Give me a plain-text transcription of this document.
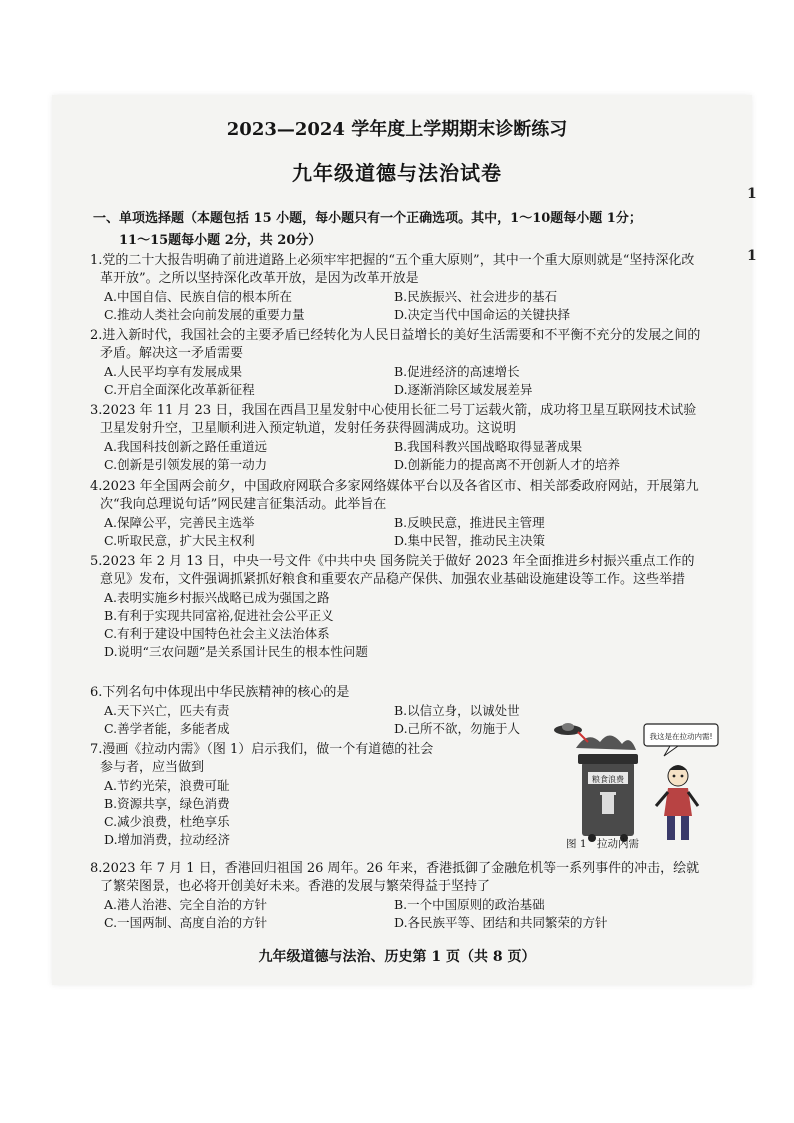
1
1
2023—2024 学年度上学期期末诊断练习
九年级道德与法治试卷
一、单项选择题（本题包括 15 小题，每小题只有一个正确选项。其中，1～10题每小题 1分；
11～15题每小题 2分，共 20分）
1.党的二十大报告明确了前进道路上必须牢牢把握的“五个重大原则”，其中一个重大原则就是“坚持深化改革开放”。之所以坚持深化改革开放，是因为改革开放是
A.中国自信、民族自信的根本所在	B.民族振兴、社会进步的基石
C.推动人类社会向前发展的重要力量	D.决定当代中国命运的关键抉择
2.进入新时代，我国社会的主要矛盾已经转化为人民日益增长的美好生活需要和不平衡不充分的发展之间的矛盾。解决这一矛盾需要
A.人民平均享有发展成果	B.促进经济的高速增长
C.开启全面深化改革新征程	D.逐渐消除区域发展差异
3.2023 年 11 月 23 日，我国在西昌卫星发射中心使用长征二号丁运载火箭，成功将卫星互联网技术试验卫星发射升空，卫星顺利进入预定轨道，发射任务获得圆满成功。这说明
A.我国科技创新之路任重道远	B.我国科教兴国战略取得显著成果
C.创新是引领发展的第一动力	D.创新能力的提高离不开创新人才的培养
4.2023 年全国两会前夕，中国政府网联合多家网络媒体平台以及各省区市、相关部委政府网站，开展第九次“我向总理说句话”网民建言征集活动。此举旨在
A.保障公平，完善民主选举	B.反映民意，推进民主管理
C.听取民意，扩大民主权利	D.集中民智，推动民主决策
5.2023 年 2 月 13 日，中央一号文件《中共中央 国务院关于做好 2023 年全面推进乡村振兴重点工作的意见》发布，文件强调抓紧抓好粮食和重要农产品稳产保供、加强农业基础设施建设等工作。这些举措
A.表明实施乡村振兴战略已成为强国之路
B.有利于实现共同富裕,促进社会公平正义
C.有利于建设中国特色社会主义法治体系
D.说明“三农问题”是关系国计民生的根本性问题
6.下列名句中体现出中华民族精神的核心的是
A.天下兴亡，匹夫有责	B.以信立身，以诚处世
C.善学者能，多能者成	D.己所不欲，勿施于人
7.漫画《拉动内需》（图 1）启示我们，做一个有道德的社会参与者，应当做到
A.节约光荣，浪费可耻
B.资源共享，绿色消费
C.减少浪费，杜绝享乐
D.增加消费，拉动经济
粮食浪费
我这是在拉动内需!
图 1　拉动内需
8.2023 年 7 月 1 日，香港回归祖国 26 周年。26 年来，香港抵御了金融危机等一系列事件的冲击，绘就了繁荣图景，也必将开创美好未来。香港的发展与繁荣得益于坚持了
A.港人治港、完全自治的方针	B.一个中国原则的政治基础
C.一国两制、高度自治的方针	D.各民族平等、团结和共同繁荣的方针
九年级道德与法治、历史第 1 页（共 8 页）
